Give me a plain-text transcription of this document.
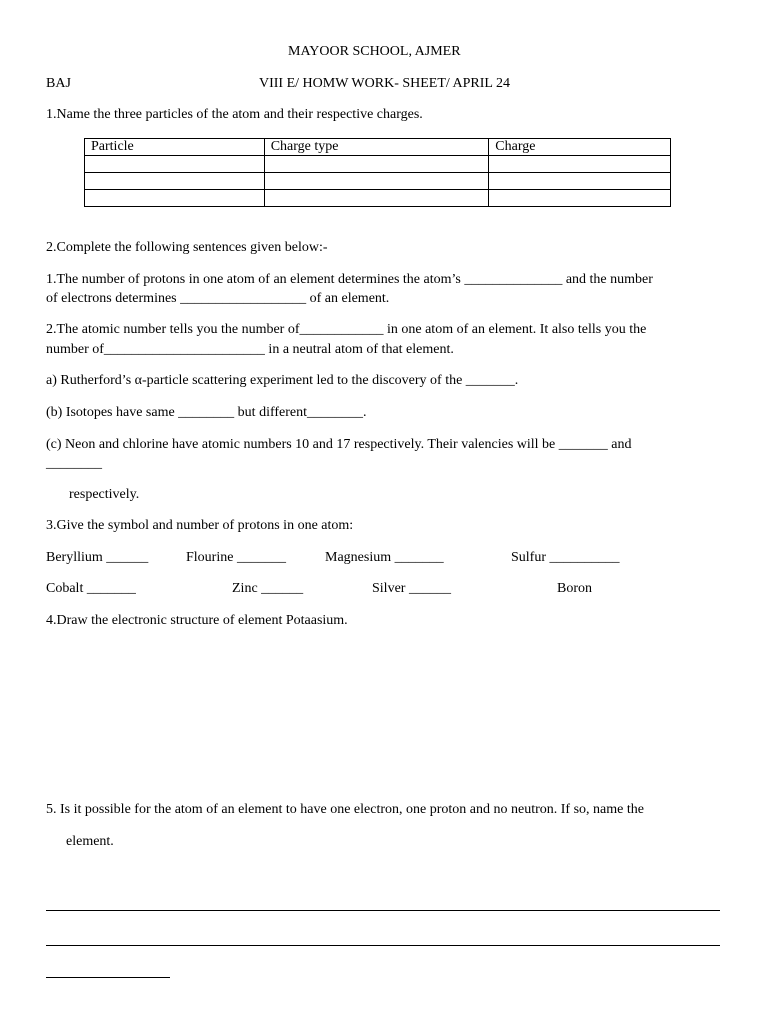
MAYOOR SCHOOL, AJMER
BAJ	VIII E/ HOMW WORK- SHEET/ APRIL 24
1.Name the three particles of the atom and their respective charges.
Particle	Charge type	Charge

2.Complete the following sentences given below:-
1.The number of protons in one atom of an element determines the atom’s ______________ and the number
of electrons determines __________________ of an element.
2.The atomic number tells you the number of____________ in one atom of an element. It also tells you the
number of_______________________ in a neutral atom of that element.
a) Rutherford’s α-particle scattering experiment led to the discovery of the _______.
(b) Isotopes have same ________ but different________.
(c) Neon and chlorine have atomic numbers 10 and 17 respectively. Their valencies will be _______ and
________
respectively.
3.Give the symbol and number of protons in one atom:
Beryllium ______	Flourine _______	Magnesium _______	Sulfur __________
Cobalt _______	Zinc ______	Silver ______	Boron
4.Draw the electronic structure of element Potaasium.
5. Is it possible for the atom of an element to have one electron, one proton and no neutron. If so, name the
element.
